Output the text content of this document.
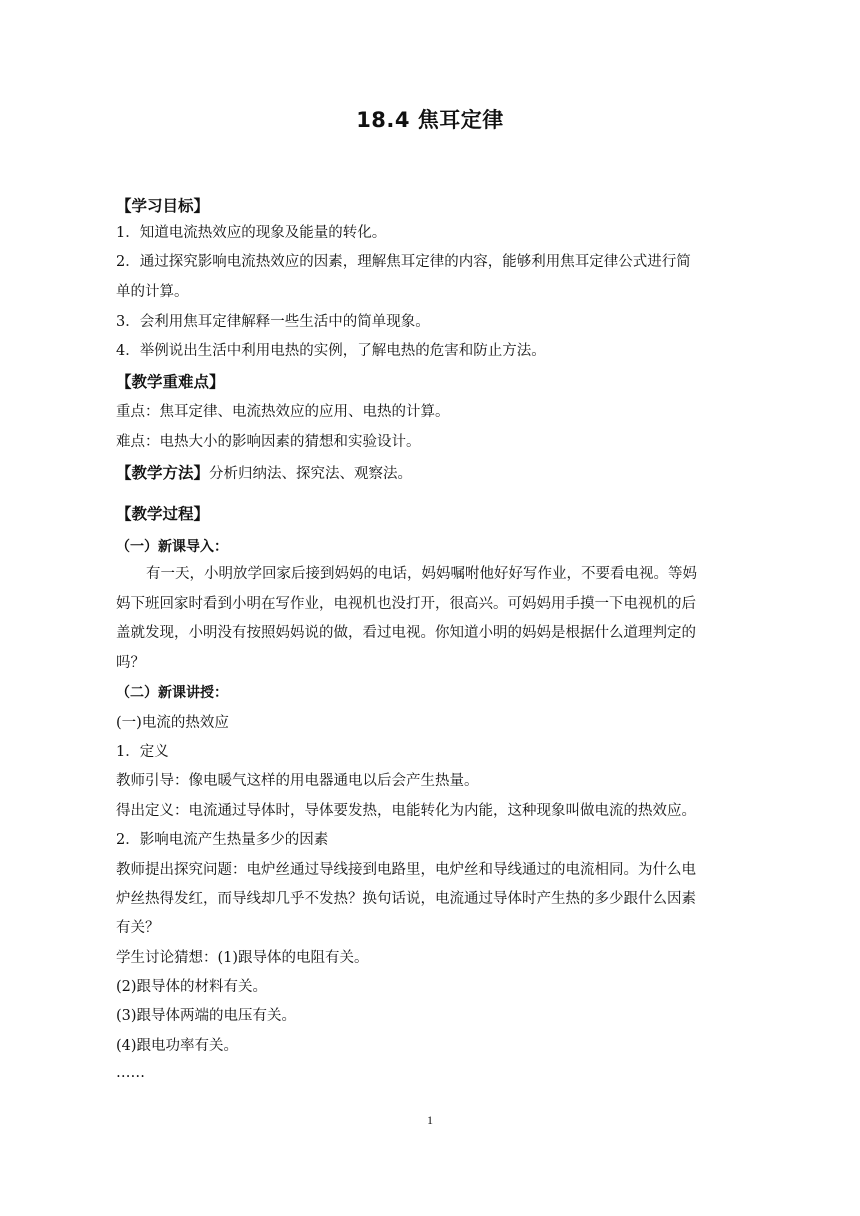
18.4 焦耳定律
【学习目标】
1．知道电流热效应的现象及能量的转化。
2．通过探究影响电流热效应的因素，理解焦耳定律的内容，能够利用焦耳定律公式进行简
单的计算。
3．会利用焦耳定律解释一些生活中的简单现象。
4．举例说出生活中利用电热的实例，了解电热的危害和防止方法。
【教学重难点】
重点：焦耳定律、电流热效应的应用、电热的计算。
难点：电热大小的影响因素的猜想和实验设计。
【教学方法】分析归纳法、探究法、观察法。
【教学过程】
（一）新课导入：
有一天，小明放学回家后接到妈妈的电话，妈妈嘱咐他好好写作业，不要看电视。等妈
妈下班回家时看到小明在写作业，电视机也没打开，很高兴。可妈妈用手摸一下电视机的后
盖就发现，小明没有按照妈妈说的做，看过电视。你知道小明的妈妈是根据什么道理判定的
吗？
（二）新课讲授：
(一)电流的热效应
1．定义
教师引导：像电暖气这样的用电器通电以后会产生热量。
得出定义：电流通过导体时，导体要发热，电能转化为内能，这种现象叫做电流的热效应。
2．影响电流产生热量多少的因素
教师提出探究问题：电炉丝通过导线接到电路里，电炉丝和导线通过的电流相同。为什么电
炉丝热得发红，而导线却几乎不发热？换句话说，电流通过导体时产生热的多少跟什么因素
有关？
学生讨论猜想：(1)跟导体的电阻有关。
(2)跟导体的材料有关。
(3)跟导体两端的电压有关。
(4)跟电功率有关。
……
1
